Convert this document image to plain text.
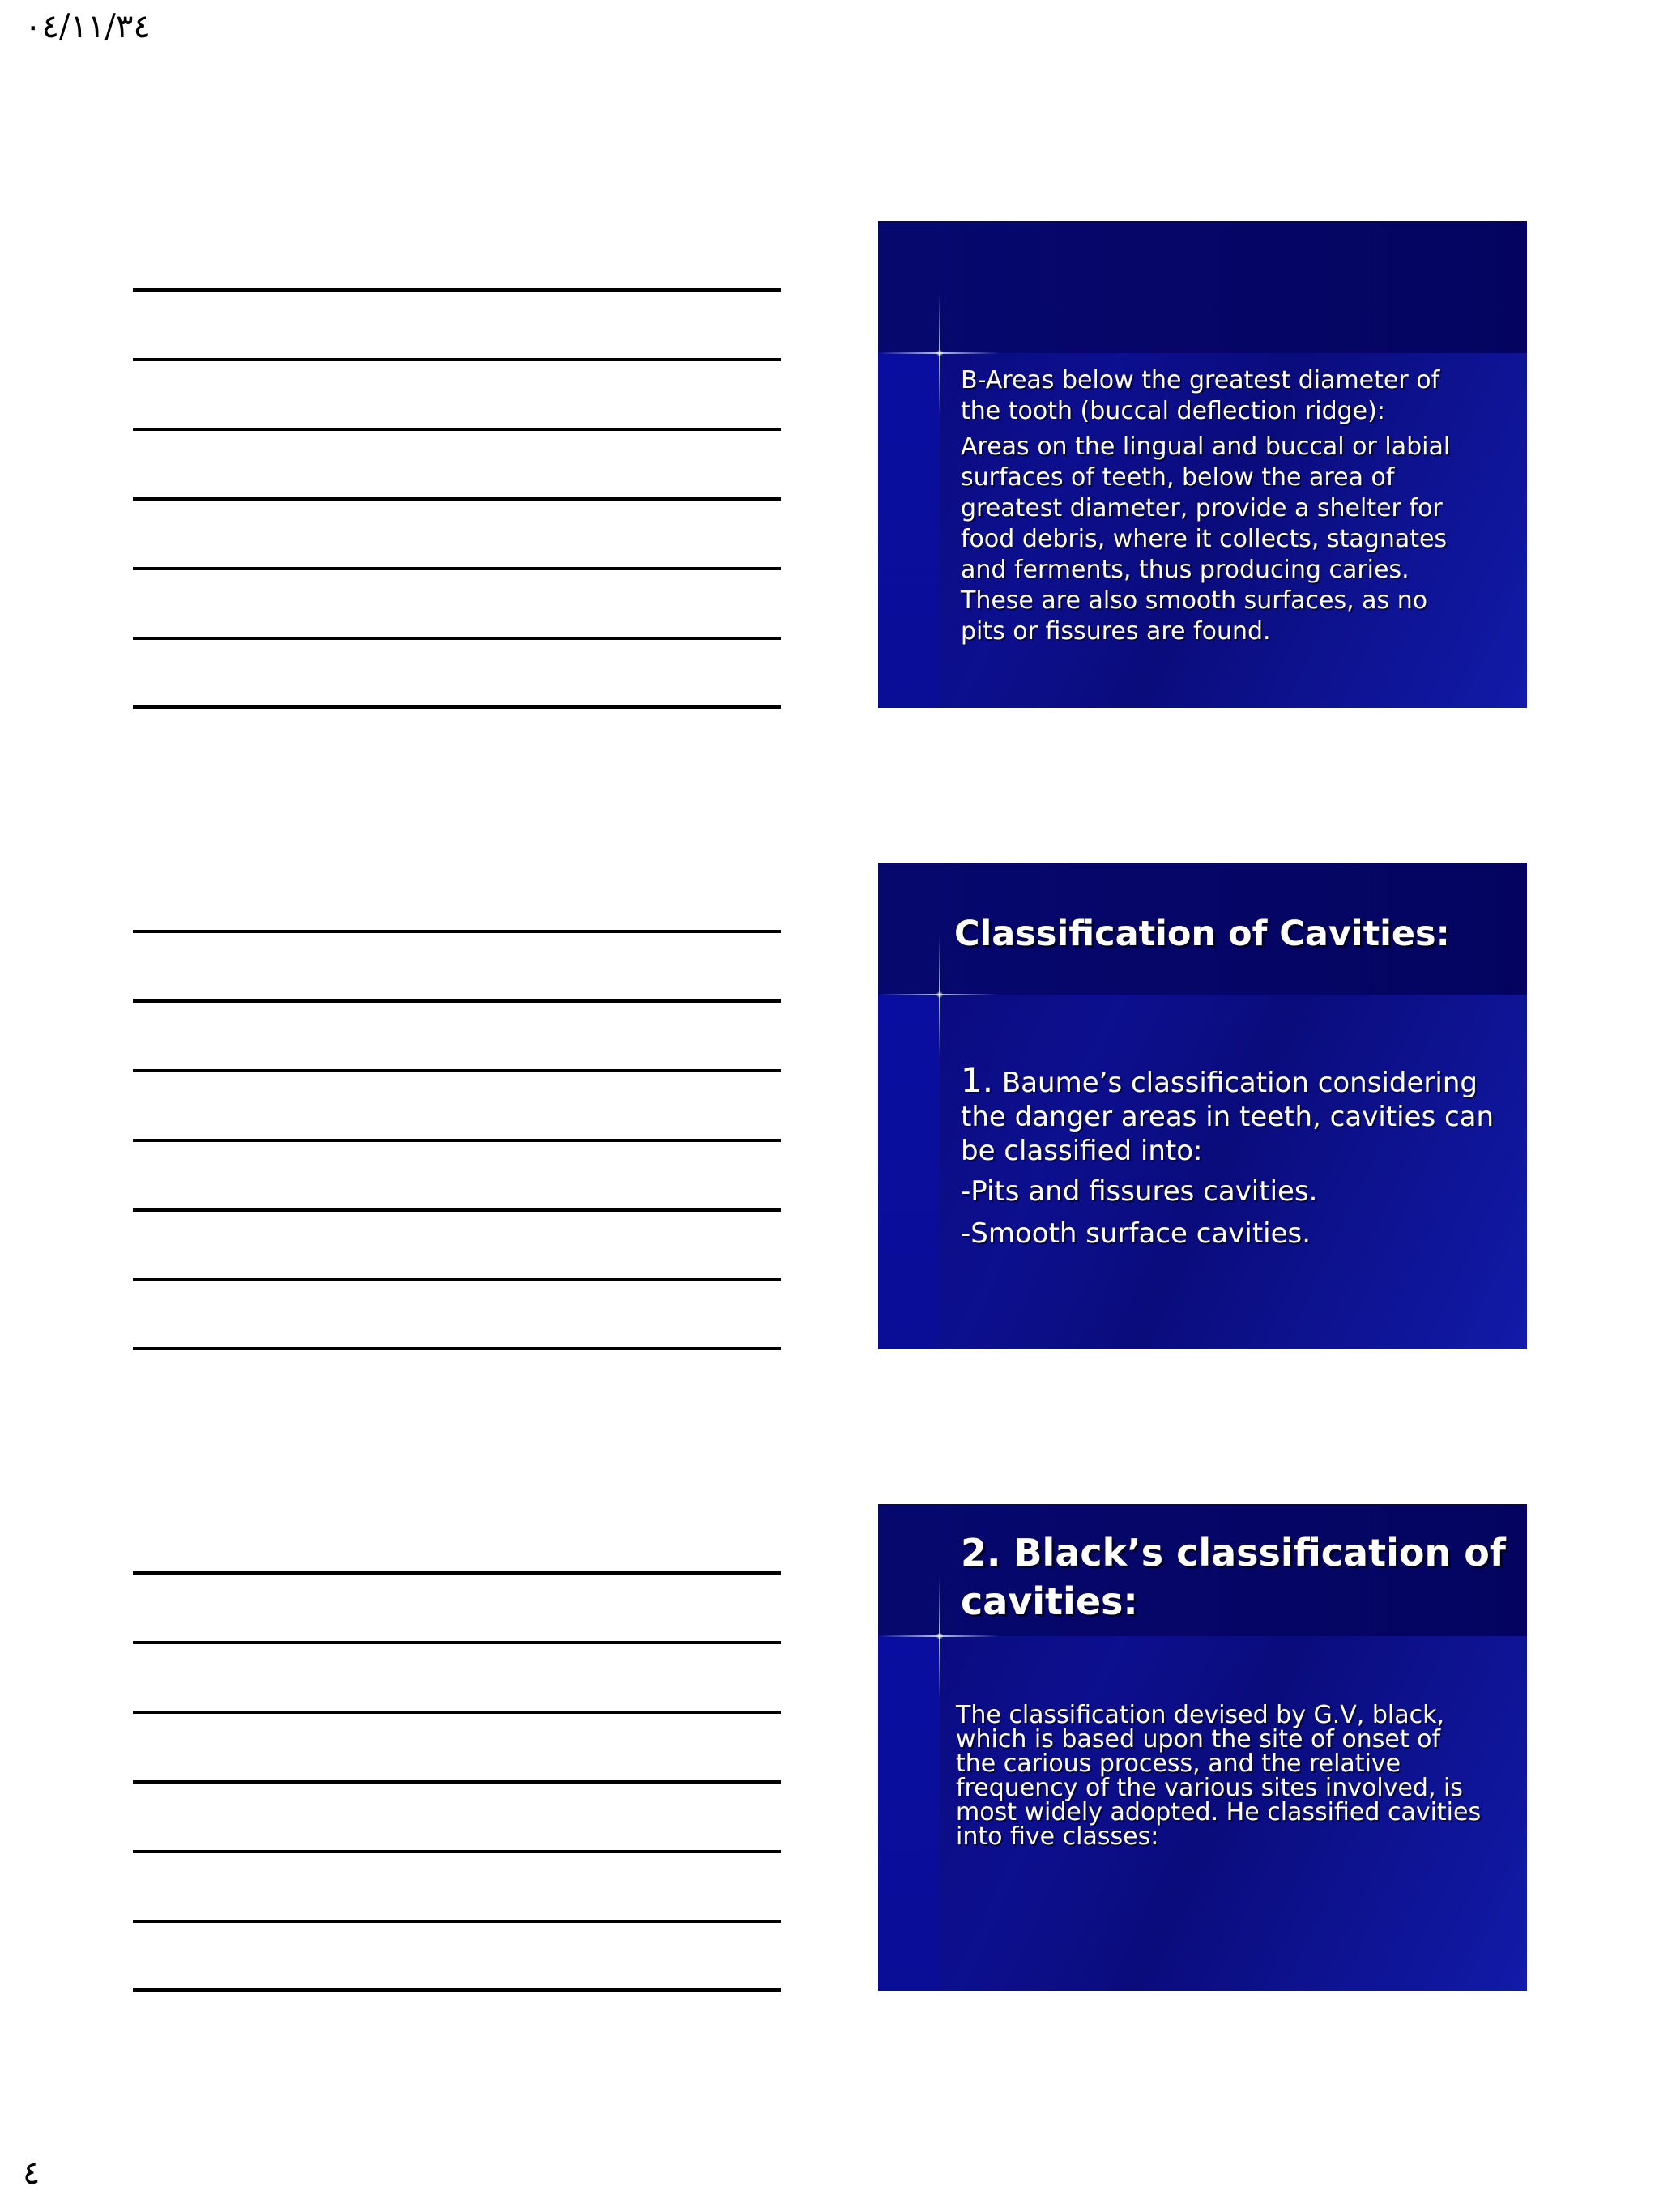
٠٤/١١/٣٤

B-Areas below the greatest diameter of the tooth (buccal deflection ridge):

Areas on the lingual and buccal or labial surfaces of teeth, below the area of greatest diameter, provide a shelter for food debris, where it collects, stagnates and ferments, thus producing caries. These are also smooth surfaces, as no pits or fissures are found.

Classification of Cavities:

1. Baume’s classification considering the danger areas in teeth, cavities can be classified into:

-Pits and fissures cavities.

-Smooth surface cavities.

2. Black’s classification of cavities:
The classification devised by G.V, black, which is based upon the site of onset of the carious process, and the relative frequency of the various sites involved, is most widely adopted. He classified cavities into five classes:
٤
